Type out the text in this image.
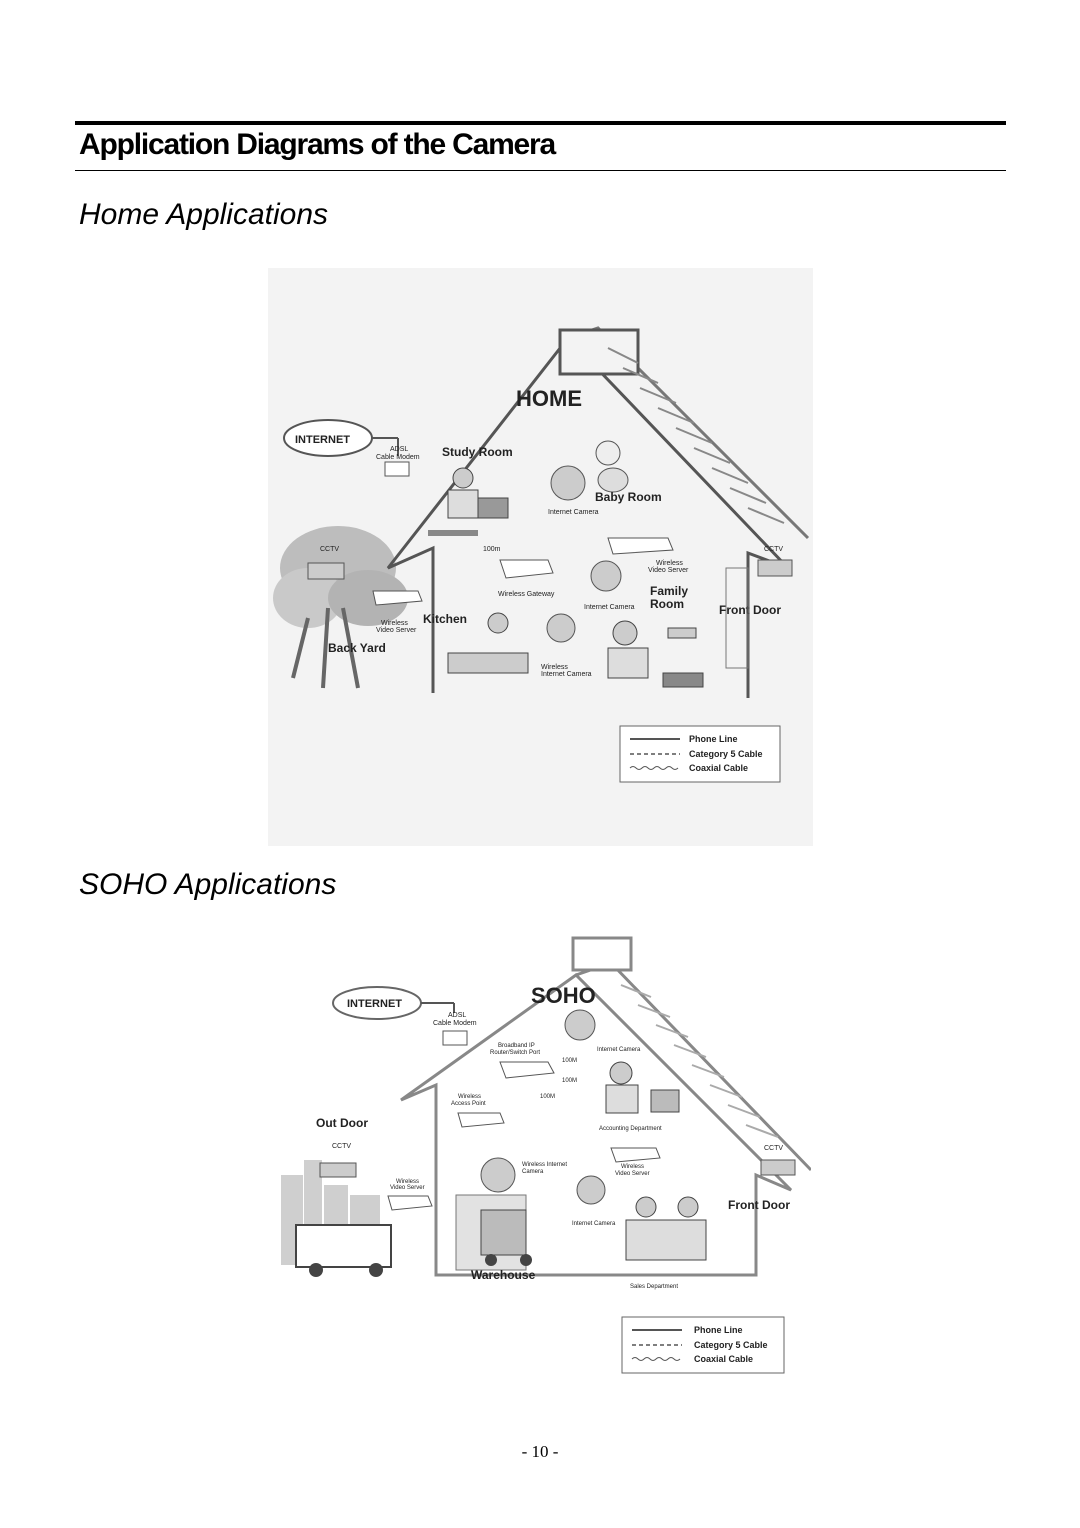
Application Diagrams of the Camera
Home Applications
INTERNET
ADSL
Cable Modem Study Room
HOME
Baby Room
Internet Camera
CCTV	100m
Wireless Gateway
Wireless
Video Server
CCTV
Family
Room
Internet Camera	Front Door
Wireless
Video Server
Kitchen
Back Yard
Wireless
Internet Camera
Phone Line
Category 5 Cable
Coaxial Cable
SOHO Applications
INTERNET	SOHO
ADSL
Cable Modem
Internet Camera
Broadband IP
Router/Switch Port
100M
100M
100M
Wireless
Access Point
Accounting Department
Out Door
CCTV	CCTV
Wireless
Video Server
Wireless Internet
Camera
Wireless
Video Server
Front Door
Internet Camera
Warehouse
Sales Department
Phone Line
Category 5 Cable
Coaxial Cable
- 10 -
